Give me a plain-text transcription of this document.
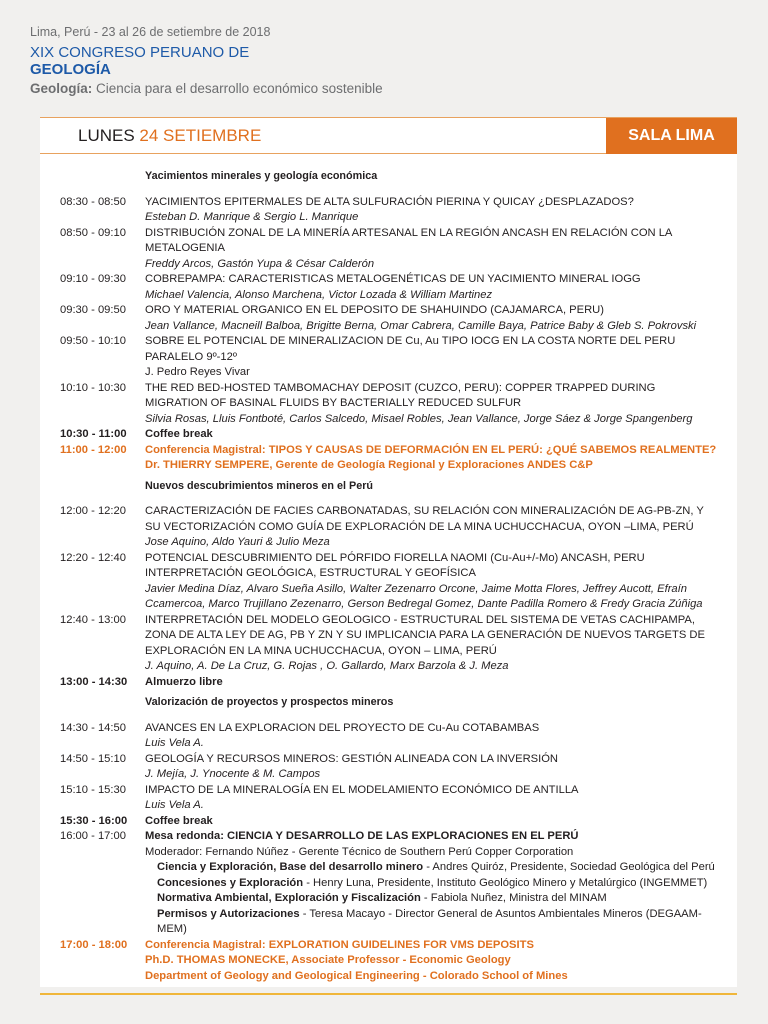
Lima, Perú - 23 al 26 de setiembre de 2018
XIX CONGRESO PERUANO DE
GEOLOGÍA
Geología: Ciencia para el desarrollo económico sostenible
LUNES 24 SETIEMBRE	SALA LIMA
Yacimientos minerales y geología económica
08:30 - 08:50	YACIMIENTOS EPITERMALES DE ALTA SULFURACIÓN PIERINA Y QUICAY ¿DESPLAZADOS?
Esteban D. Manrique & Sergio L. Manrique
08:50 - 09:10	DISTRIBUCIÓN ZONAL DE LA MINERÍA ARTESANAL EN LA REGIÓN ANCASH EN RELACIÓN CON LA METALOGENIA
Freddy Arcos, Gastón Yupa & César Calderón
09:10 - 09:30	COBREPAMPA: CARACTERISTICAS METALOGENÉTICAS DE UN YACIMIENTO MINERAL IOGG
Michael Valencia, Alonso Marchena, Victor Lozada & William Martinez
09:30 - 09:50	ORO Y MATERIAL ORGANICO EN EL DEPOSITO DE SHAHUINDO (CAJAMARCA, PERU)
Jean Vallance, Macneill Balboa, Brigitte Berna, Omar Cabrera, Camille Baya, Patrice Baby & Gleb S. Pokrovski
09:50 - 10:10	SOBRE EL POTENCIAL DE MINERALIZACION DE Cu, Au TIPO IOCG EN LA COSTA NORTE DEL PERU PARALELO 9º-12º
J. Pedro Reyes Vivar
10:10 - 10:30	THE RED BED-HOSTED TAMBOMACHAY DEPOSIT (CUZCO, PERU): COPPER TRAPPED DURING MIGRATION OF BASINAL FLUIDS BY BACTERIALLY REDUCED SULFUR
Silvia Rosas, Lluis Fontboté, Carlos Salcedo, Misael Robles, Jean Vallance, Jorge Sáez & Jorge Spangenberg
10:30 - 11:00	Coffee break
11:00 - 12:00	Conferencia Magistral: TIPOS Y CAUSAS DE DEFORMACIÓN EN EL PERÚ: ¿QUÉ SABEMOS REALMENTE?
Dr. THIERRY SEMPERE, Gerente de Geología Regional y Exploraciones ANDES C&P
Nuevos descubrimientos mineros en el Perú
12:00 - 12:20	CARACTERIZACIÓN DE FACIES CARBONATADAS, SU RELACIÓN CON MINERALIZACIÓN DE AG-PB-ZN, Y SU VECTORIZACIÓN COMO GUÍA DE EXPLORACIÓN DE LA MINA UCHUCCHACUA, OYON –LIMA, PERÚ
Jose Aquino, Aldo Yauri & Julio Meza
12:20 - 12:40	POTENCIAL DESCUBRIMIENTO DEL PÓRFIDO FIORELLA NAOMI (Cu-Au+/-Mo) ANCASH, PERU INTERPRETACIÓN GEOLÓGICA, ESTRUCTURAL Y GEOFÍSICA
Javier Medina Díaz, Alvaro Sueña Asillo, Walter Zezenarro Orcone, Jaime Motta Flores, Jeffrey Aucott, Efraín Ccamercoa, Marco Trujillano Zezenarro, Gerson Bedregal Gomez, Dante Padilla Romero & Fredy Gracia Zúñiga
12:40 - 13:00	INTERPRETACIÓN DEL MODELO GEOLOGICO - ESTRUCTURAL DEL SISTEMA DE VETAS CACHIPAMPA, ZONA DE ALTA LEY DE AG, PB Y ZN Y SU IMPLICANCIA PARA LA GENERACIÓN DE NUEVOS TARGETS DE EXPLORACIÓN EN LA MINA UCHUCCHACUA, OYON – LIMA, PERÚ
J. Aquino, A. De La Cruz, G. Rojas , O. Gallardo, Marx Barzola & J. Meza
13:00 - 14:30	Almuerzo libre
Valorización de proyectos y prospectos mineros
14:30 - 14:50	AVANCES EN LA EXPLORACION DEL PROYECTO DE Cu-Au COTABAMBAS
Luis Vela A.
14:50 - 15:10	GEOLOGÍA Y RECURSOS MINEROS: GESTIÓN ALINEADA CON LA INVERSIÓN
J. Mejía, J. Ynocente & M. Campos
15:10 - 15:30	IMPACTO DE LA MINERALOGÍA EN EL MODELAMIENTO ECONÓMICO DE ANTILLA
Luis Vela A.
15:30 - 16:00	Coffee break
16:00 - 17:00	Mesa redonda: CIENCIA Y DESARROLLO DE LAS EXPLORACIONES EN EL PERÚ
Moderador: Fernando Núñez - Gerente Técnico de Southern Perú Copper Corporation
Ciencia y Exploración, Base del desarrollo minero - Andres Quiróz, Presidente, Sociedad Geológica del Perú
Concesiones y Exploración - Henry Luna, Presidente, Instituto Geológico Minero y Metalúrgico (INGEMMET)
Normativa Ambiental, Exploración y Fiscalización - Fabiola Nuñez, Ministra del MINAM
Permisos y Autorizaciones - Teresa Macayo - Director General de Asuntos Ambientales Mineros (DEGAAM-MEM)
17:00 - 18:00	Conferencia Magistral: EXPLORATION GUIDELINES FOR VMS DEPOSITS
Ph.D. THOMAS MONECKE, Associate Professor - Economic Geology
Department of Geology and Geological Engineering - Colorado School of Mines
